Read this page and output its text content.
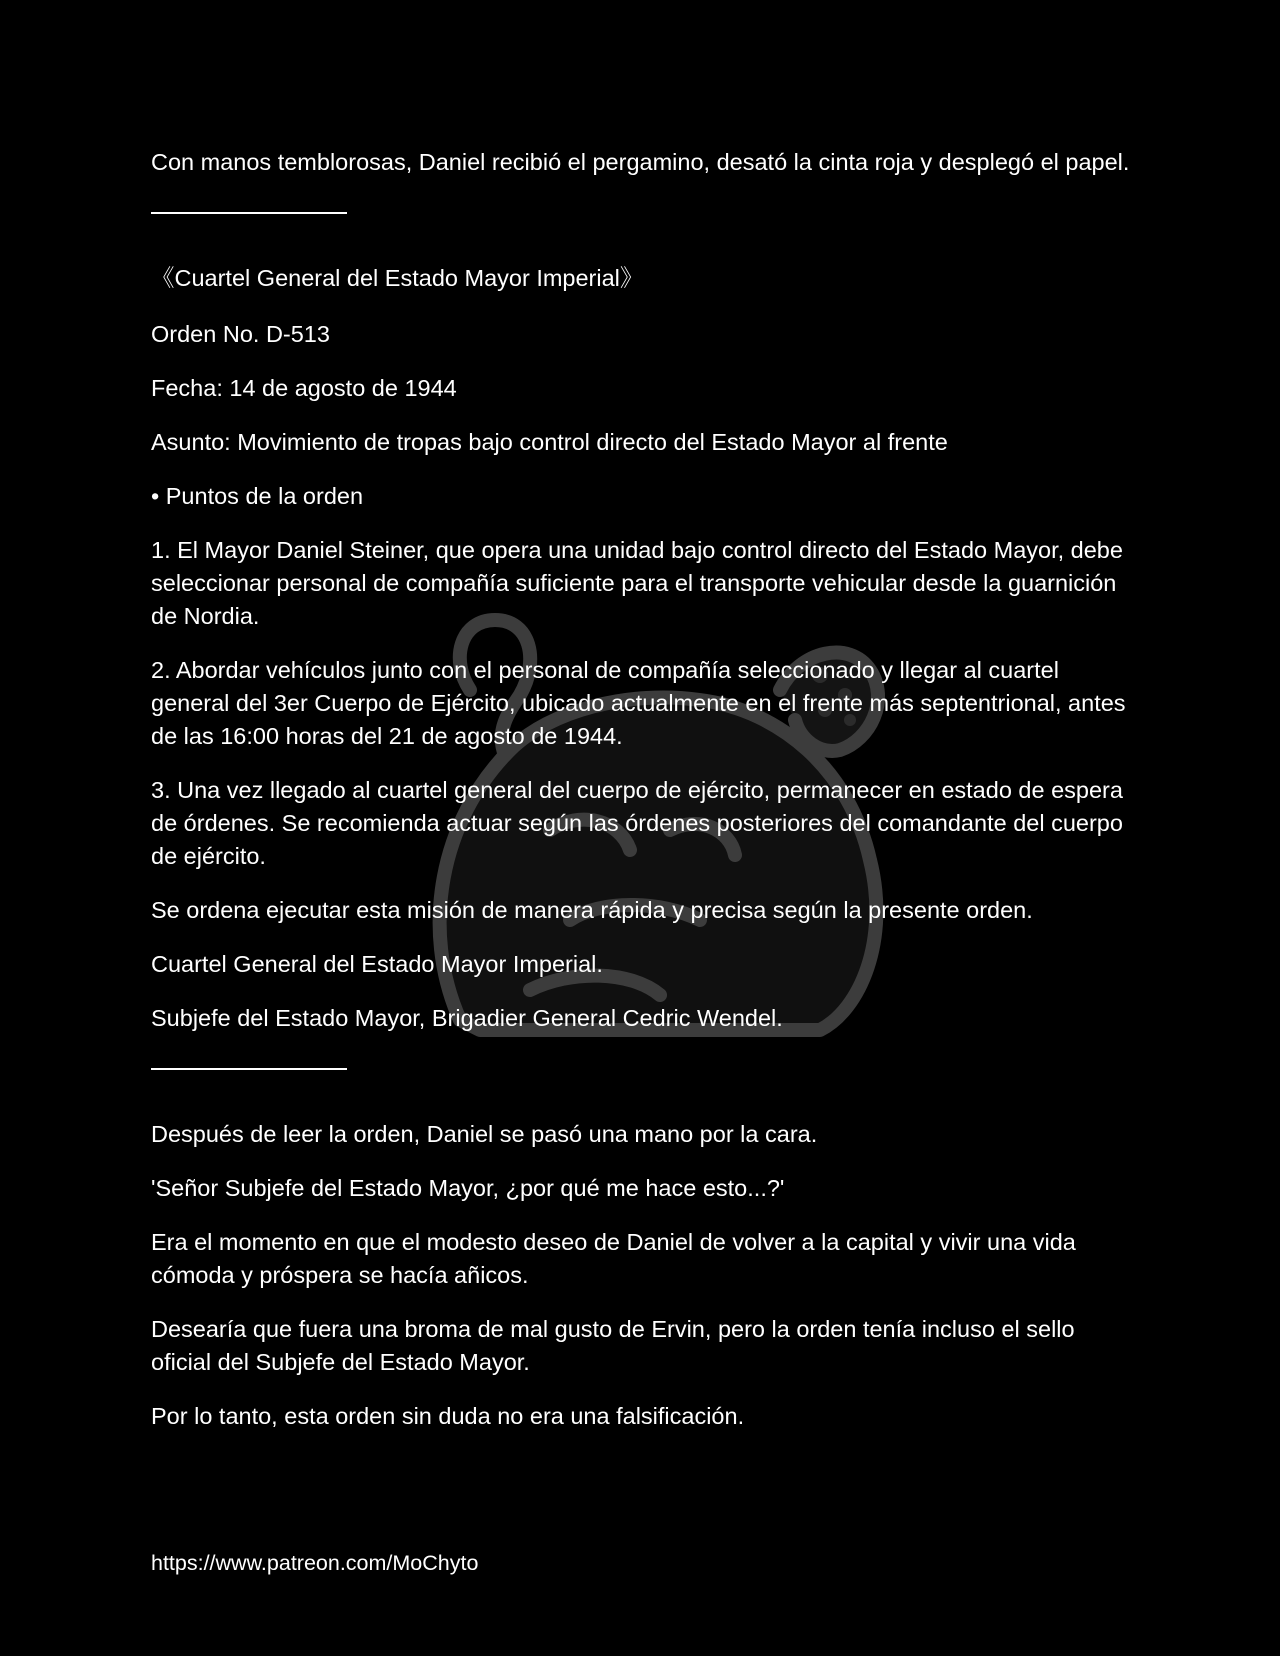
Con manos temblorosas, Daniel recibió el pergamino, desató la cinta roja y desplegó el papel.

《Cuartel General del Estado Mayor Imperial》

Orden No. D-513

Fecha: 14 de agosto de 1944

Asunto: Movimiento de tropas bajo control directo del Estado Mayor al frente

• Puntos de la orden

1. El Mayor Daniel Steiner, que opera una unidad bajo control directo del Estado Mayor, debe seleccionar personal de compañía suficiente para el transporte vehicular desde la guarnición de Nordia.

2. Abordar vehículos junto con el personal de compañía seleccionado y llegar al cuartel general del 3er Cuerpo de Ejército, ubicado actualmente en el frente más septentrional, antes de las 16:00 horas del 21 de agosto de 1944.

3. Una vez llegado al cuartel general del cuerpo de ejército, permanecer en estado de espera de órdenes. Se recomienda actuar según las órdenes posteriores del comandante del cuerpo de ejército.

Se ordena ejecutar esta misión de manera rápida y precisa según la presente orden.

Cuartel General del Estado Mayor Imperial.

Subjefe del Estado Mayor, Brigadier General Cedric Wendel.

Después de leer la orden, Daniel se pasó una mano por la cara.

'Señor Subjefe del Estado Mayor, ¿por qué me hace esto...?'

Era el momento en que el modesto deseo de Daniel de volver a la capital y vivir una vida cómoda y próspera se hacía añicos.

Desearía que fuera una broma de mal gusto de Ervin, pero la orden tenía incluso el sello oficial del Subjefe del Estado Mayor.

Por lo tanto, esta orden sin duda no era una falsificación.

https://www.patreon.com/MoChyto
